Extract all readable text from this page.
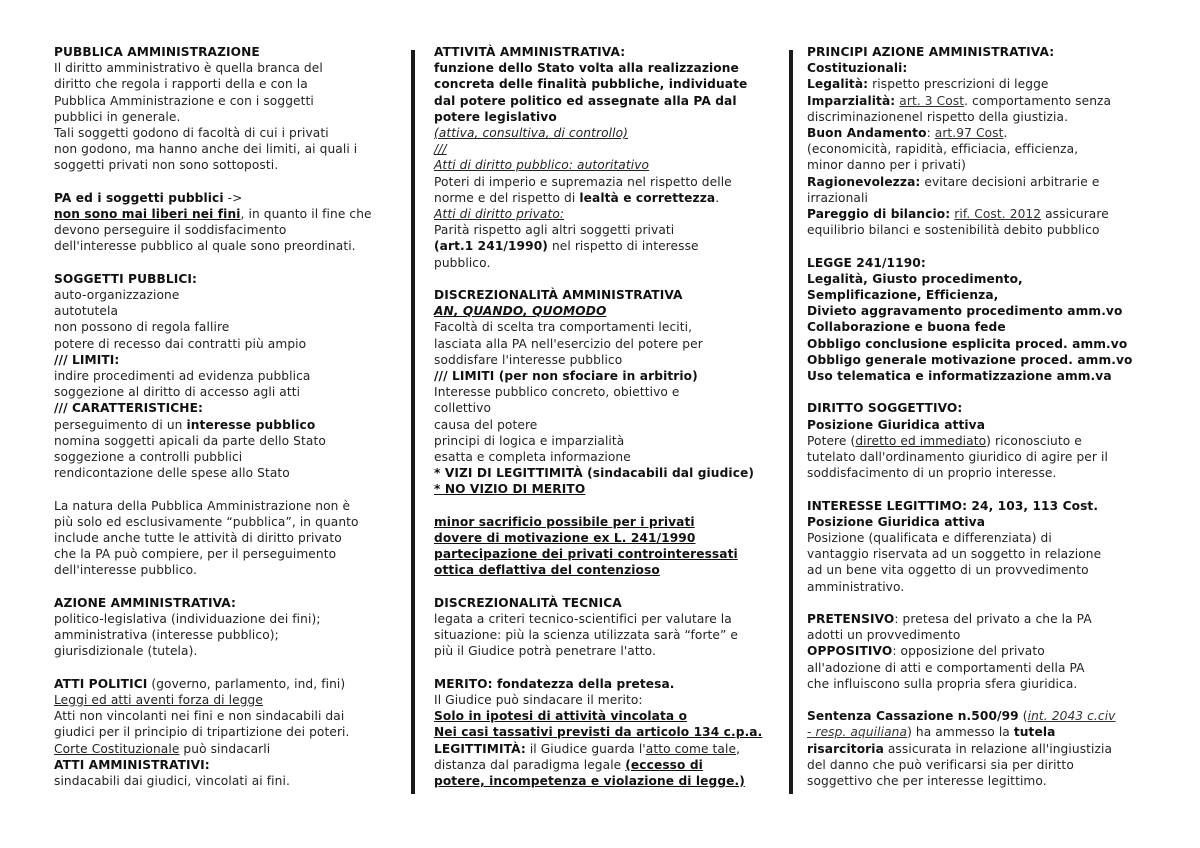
PUBBLICA AMMINISTRAZIONE
Il diritto amministrativo è quella branca del
diritto che regola i rapporti della e con la
Pubblica Amministrazione e con i soggetti
pubblici in generale.
Tali soggetti godono di facoltà di cui i privati
non godono, ma hanno anche dei limiti, ai quali i
soggetti privati non sono sottoposti.
PA ed i soggetti pubblici ->
non sono mai liberi nei fini, in quanto il fine che
devono perseguire il soddisfacimento
dell'interesse pubblico al quale sono preordinati.
SOGGETTI PUBBLICI:
auto-organizzazione
autotutela
non possono di regola fallire
potere di recesso dai contratti più ampio
/// LIMITI:
indire procedimenti ad evidenza pubblica
soggezione al diritto di accesso agli atti
/// CARATTERISTICHE:
perseguimento di un interesse pubblico
nomina soggetti apicali da parte dello Stato
soggezione a controlli pubblici
rendicontazione delle spese allo Stato
La natura della Pubblica Amministrazione non è
più solo ed esclusivamente “pubblica”, in quanto
include anche tutte le attività di diritto privato
che la PA può compiere, per il perseguimento
dell'interesse pubblico.
AZIONE AMMINISTRATIVA:
politico-legislativa (individuazione dei fini);
amministrativa (interesse pubblico);
giurisdizionale (tutela).
ATTI POLITICI (governo, parlamento, ind, fini)
Leggi ed atti aventi forza di legge
Atti non vincolanti nei fini e non sindacabili dai
giudici per il principio di tripartizione dei poteri.
Corte Costituzionale può sindacarli
ATTI AMMINISTRATIVI:
sindacabili dai giudici, vincolati ai fini.
ATTIVITÀ AMMINISTRATIVA:
funzione dello Stato volta alla realizzazione
concreta delle finalità pubbliche, individuate
dal potere politico ed assegnate alla PA dal
potere legislativo
(attiva, consultiva, di controllo)
///
Atti di diritto pubblico: autoritativo
Poteri di imperio e supremazia nel rispetto delle
norme e del rispetto di lealtà e correttezza.
Atti di diritto privato:
Parità rispetto agli altri soggetti privati
(art.1 241/1990) nel rispetto di interesse
pubblico.
DISCREZIONALITÀ AMMINISTRATIVA
AN, QUANDO, QUOMODO
Facoltà di scelta tra comportamenti leciti,
lasciata alla PA nell'esercizio del potere per
soddisfare l'interesse pubblico
/// LIMITI (per non sfociare in arbitrio)
Interesse pubblico concreto, obiettivo e
collettivo
causa del potere
principi di logica e imparzialità
esatta e completa informazione
* VIZI DI LEGITTIMITÀ (sindacabili dal giudice)
* NO VIZIO DI MERITO
minor sacrificio possibile per i privati
dovere di motivazione ex L. 241/1990
partecipazione dei privati controinteressati
ottica deflattiva del contenzioso
DISCREZIONALITÀ TECNICA
legata a criteri tecnico-scientifici per valutare la
situazione: più la scienza utilizzata sarà “forte” e
più il Giudice potrà penetrare l'atto.
MERITO: fondatezza della pretesa.
Il Giudice può sindacare il merito:
Solo in ipotesi di attività vincolata o
Nei casi tassativi previsti da articolo 134 c.p.a.
LEGITTIMITÀ: il Giudice guarda l'atto come tale,
distanza dal paradigma legale (eccesso di
potere, incompetenza e violazione di legge.)
PRINCIPI AZIONE AMMINISTRATIVA:
Costituzionali:
Legalità: rispetto prescrizioni di legge
Imparzialità: art. 3 Cost. comportamento senza
discriminazionenel rispetto della giustizia.
Buon Andamento: art.97 Cost.
(economicità, rapidità, efficiacia, efficienza,
minor danno per i privati)
Ragionevolezza: evitare decisioni arbitrarie e
irrazionali
Pareggio di bilancio: rif. Cost. 2012 assicurare
equilibrio bilanci e sostenibilità debito pubblico
LEGGE 241/1190:
Legalità, Giusto procedimento,
Semplificazione, Efficienza,
Divieto aggravamento procedimento amm.vo
Collaborazione e buona fede
Obbligo conclusione esplicita proced. amm.vo
Obbligo generale motivazione proced. amm.vo
Uso telematica e informatizzazione amm.va
DIRITTO SOGGETTIVO:
Posizione Giuridica attiva
Potere (diretto ed immediato) riconosciuto e
tutelato dall'ordinamento giuridico di agire per il
soddisfacimento di un proprio interesse.
INTERESSE LEGITTIMO: 24, 103, 113 Cost.
Posizione Giuridica attiva
Posizione (qualificata e differenziata) di
vantaggio riservata ad un soggetto in relazione
ad un bene vita oggetto di un provvedimento
amministrativo.
PRETENSIVO: pretesa del privato a che la PA
adotti un provvedimento
OPPOSITIVO: opposizione del privato
all'adozione di atti e comportamenti della PA
che influiscono sulla propria sfera giuridica.
Sentenza Cassazione n.500/99 (int. 2043 c.civ
- resp. aquiliana) ha ammesso la tutela
risarcitoria assicurata in relazione all'ingiustizia
del danno che può verificarsi sia per diritto
soggettivo che per interesse legittimo.
